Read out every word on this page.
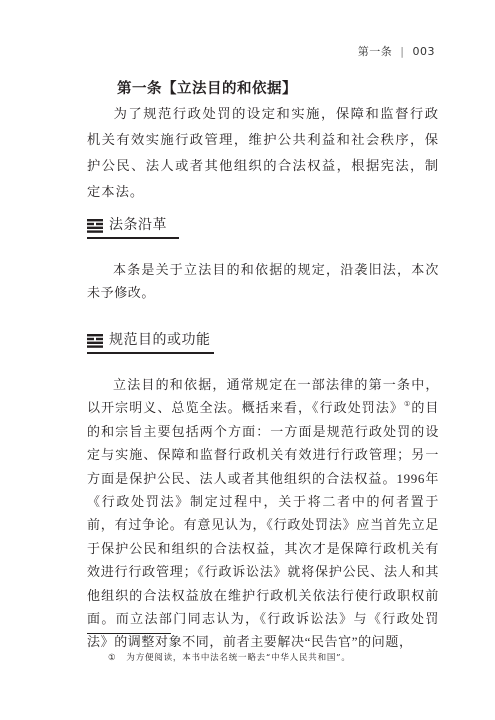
第一条 | 003
第一条【立法目的和依据】

为了规范行政处罚的设定和实施，保障和监督行政机关有效实施行政管理，维护公共利益和社会秩序，保护公民、法人或者其他组织的合法权益，根据宪法，制定本法。

法条沿革

本条是关于立法目的和依据的规定，沿袭旧法，本次未予修改。

规范目的或功能

立法目的和依据，通常规定在一部法律的第一条中，以开宗明义、总览全法。概括来看，《行政处罚法》①的目的和宗旨主要包括两个方面：一方面是规范行政处罚的设定与实施、保障和监督行政机关有效进行行政管理；另一方面是保护公民、法人或者其他组织的合法权益。1996年《行政处罚法》制定过程中，关于将二者中的何者置于前，有过争论。有意见认为，《行政处罚法》应当首先立足于保护公民和组织的合法权益，其次才是保障行政机关有效进行行政管理；《行政诉讼法》就将保护公民、法人和其他组织的合法权益放在维护行政机关依法行使行政职权前面。而立法部门同志认为，《行政诉讼法》与《行政处罚法》的调整对象不同，前者主要解决“民告官”的问题，

① 为方便阅读，本书中法名统一略去“中华人民共和国”。
